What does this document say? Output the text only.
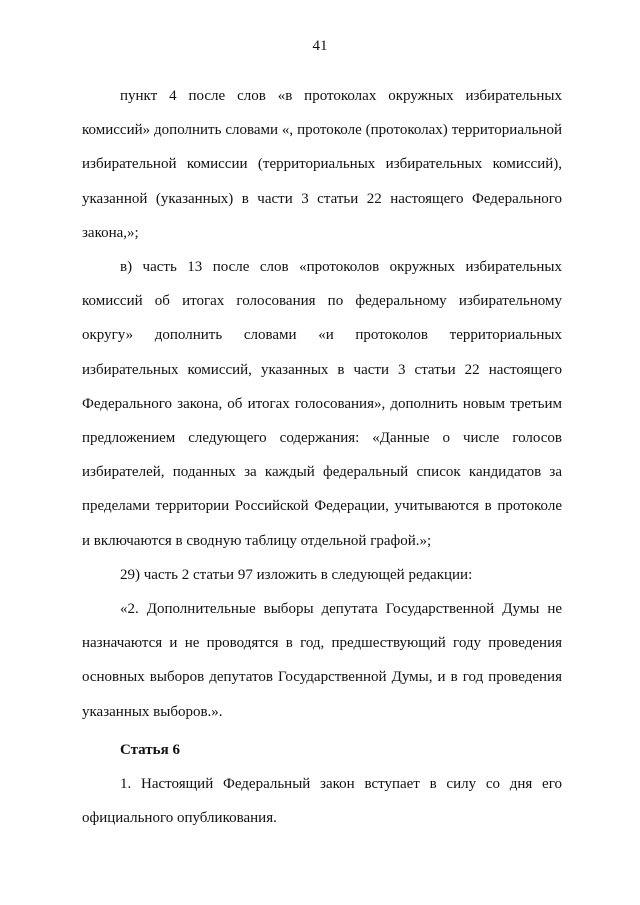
41

пункт 4 после слов «в протоколах окружных избирательных комиссий» дополнить словами «, протоколе (протоколах) территориальной избирательной комиссии (территориальных избирательных комиссий), указанной (указанных) в части 3 статьи 22 настоящего Федерального закона,»;

в) часть 13 после слов «протоколов окружных избирательных комиссий об итогах голосования по федеральному избирательному округу» дополнить словами «и протоколов территориальных избирательных комиссий, указанных в части 3 статьи 22 настоящего Федерального закона, об итогах голосования», дополнить новым третьим предложением следующего содержания: «Данные о числе голосов избирателей, поданных за каждый федеральный список кандидатов за пределами территории Российской Федерации, учитываются в протоколе и включаются в сводную таблицу отдельной графой.»;

29) часть 2 статьи 97 изложить в следующей редакции:

«2. Дополнительные выборы депутата Государственной Думы не назначаются и не проводятся в год, предшествующий году проведения основных выборов депутатов Государственной Думы, и в год проведения указанных выборов.».

Статья 6

1. Настоящий Федеральный закон вступает в силу со дня его официального опубликования.
